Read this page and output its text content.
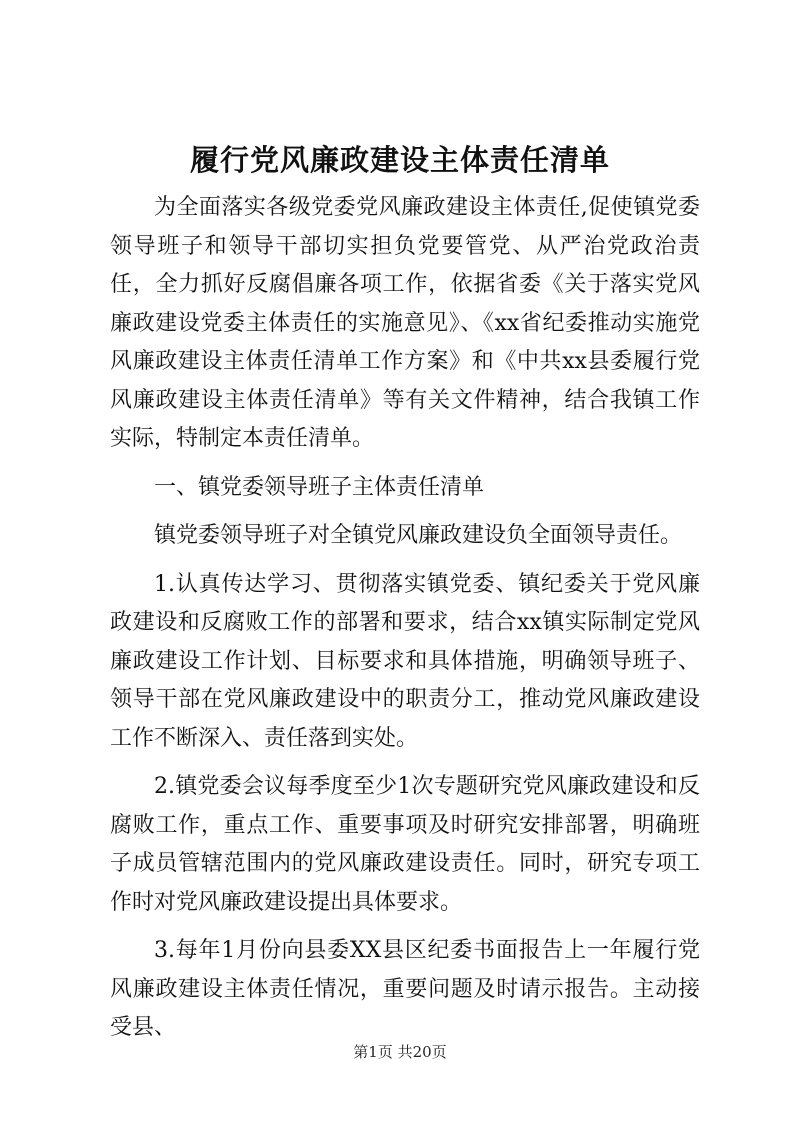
履行党风廉政建设主体责任清单

为全面落实各级党委党风廉政建设主体责任,促使镇党委领导班子和领导干部切实担负党要管党、从严治党政治责任，全力抓好反腐倡廉各项工作，依据省委《关于落实党风廉政建设党委主体责任的实施意见》、《xx省纪委推动实施党风廉政建设主体责任清单工作方案》和《中共xx县委履行党风廉政建设主体责任清单》等有关文件精神，结合我镇工作实际，特制定本责任清单。

一、镇党委领导班子主体责任清单

镇党委领导班子对全镇党风廉政建设负全面领导责任。

1.认真传达学习、贯彻落实镇党委、镇纪委关于党风廉政建设和反腐败工作的部署和要求，结合xx镇实际制定党风廉政建设工作计划、目标要求和具体措施，明确领导班子、领导干部在党风廉政建设中的职责分工，推动党风廉政建设工作不断深入、责任落到实处。

2.镇党委会议每季度至少1次专题研究党风廉政建设和反腐败工作，重点工作、重要事项及时研究安排部署，明确班子成员管辖范围内的党风廉政建设责任。同时，研究专项工作时对党风廉政建设提出具体要求。

3.每年1月份向县委XX县区纪委书面报告上一年履行党风廉政建设主体责任情况，重要问题及时请示报告。主动接受县、

第1页 共20页
